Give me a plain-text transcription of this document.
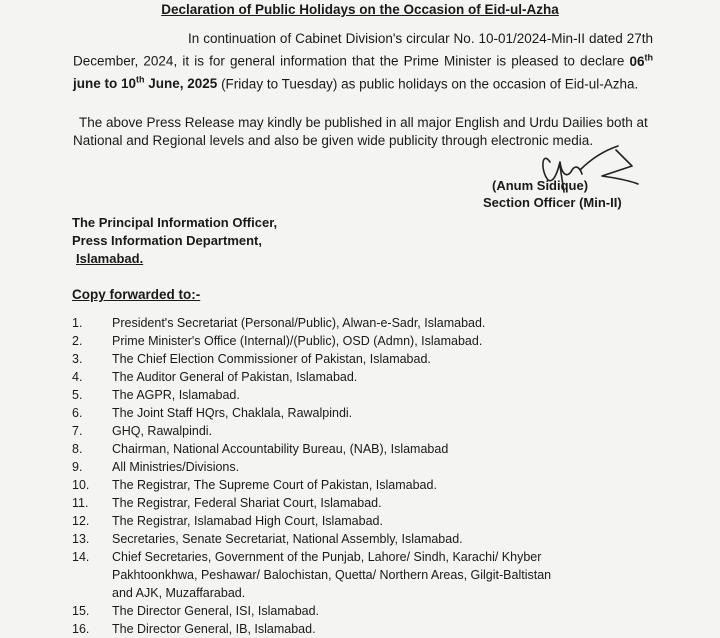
Declaration of Public Holidays on the Occasion of Eid-ul-Azha
In continuation of Cabinet Division's circular No. 10-01/2024-Min-II dated 27th December, 2024, it is for general information that the Prime Minister is pleased to declare 06th june to 10th June, 2025 (Friday to Tuesday) as public holidays on the occasion of Eid-ul-Azha.
The above Press Release may kindly be published in all major English and Urdu Dailies both at National and Regional levels and also be given wide publicity through electronic media.
(Anum Sidique)
Section Officer (Min-II)
The Principal Information Officer,
Press Information Department,
Islamabad.
Copy forwarded to:-
1.	President's Secretariat (Personal/Public), Alwan-e-Sadr, Islamabad.
2.	Prime Minister's Office (Internal)/(Public), OSD (Admn), Islamabad.
3.	The Chief Election Commissioner of Pakistan, Islamabad.
4.	The Auditor General of Pakistan, Islamabad.
5.	The AGPR, Islamabad.
6.	The Joint Staff HQrs, Chaklala, Rawalpindi.
7.	GHQ, Rawalpindi.
8.	Chairman, National Accountability Bureau, (NAB), Islamabad
9.	All Ministries/Divisions.
10.	The Registrar, The Supreme Court of Pakistan, Islamabad.
11.	The Registrar, Federal Shariat Court, Islamabad.
12.	The Registrar, Islamabad High Court, Islamabad.
13.	Secretaries, Senate Secretariat, National Assembly, Islamabad.
14.	Chief Secretaries, Government of the Punjab, Lahore/ Sindh, Karachi/ Khyber
Pakhtoonkhwa, Peshawar/ Balochistan, Quetta/ Northern Areas, Gilgit-Baltistan
and AJK, Muzaffarabad.
15.	The Director General, ISI, Islamabad.
16.	The Director General, IB, Islamabad.
